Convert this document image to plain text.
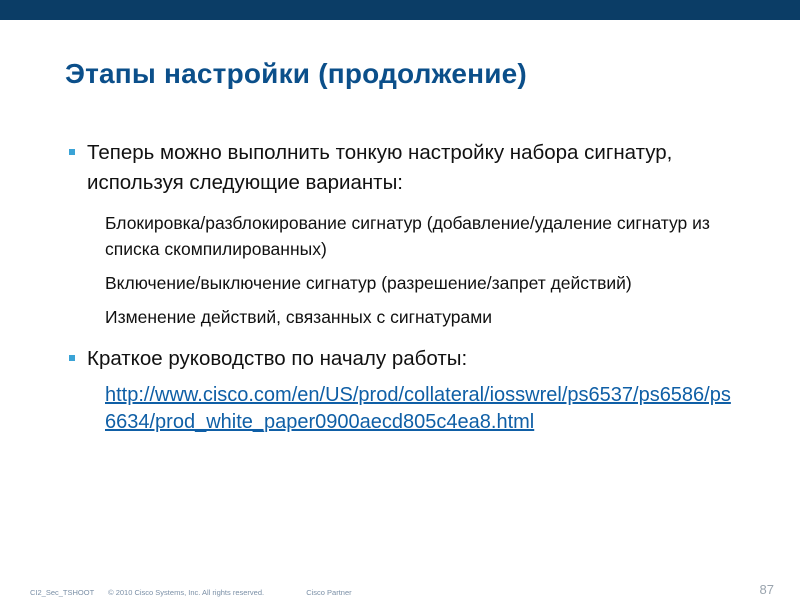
Этапы настройки (продолжение)
Теперь можно выполнить тонкую настройку набора сигнатур, используя следующие варианты:
Блокировка/разблокирование сигнатур (добавление/удаление сигнатур из списка скомпилированных)
Включение/выключение сигнатур (разрешение/запрет действий)
Изменение действий, связанных с сигнатурами
Краткое руководство по началу работы:
http://www.cisco.com/en/US/prod/collateral/iosswrel/ps6537/ps6586/ps6634/prod_white_paper0900aecd805c4ea8.html
CI2_Sec_TSHOOT © 2010 Cisco Systems, Inc. All rights reserved.	Cisco Partner	87
